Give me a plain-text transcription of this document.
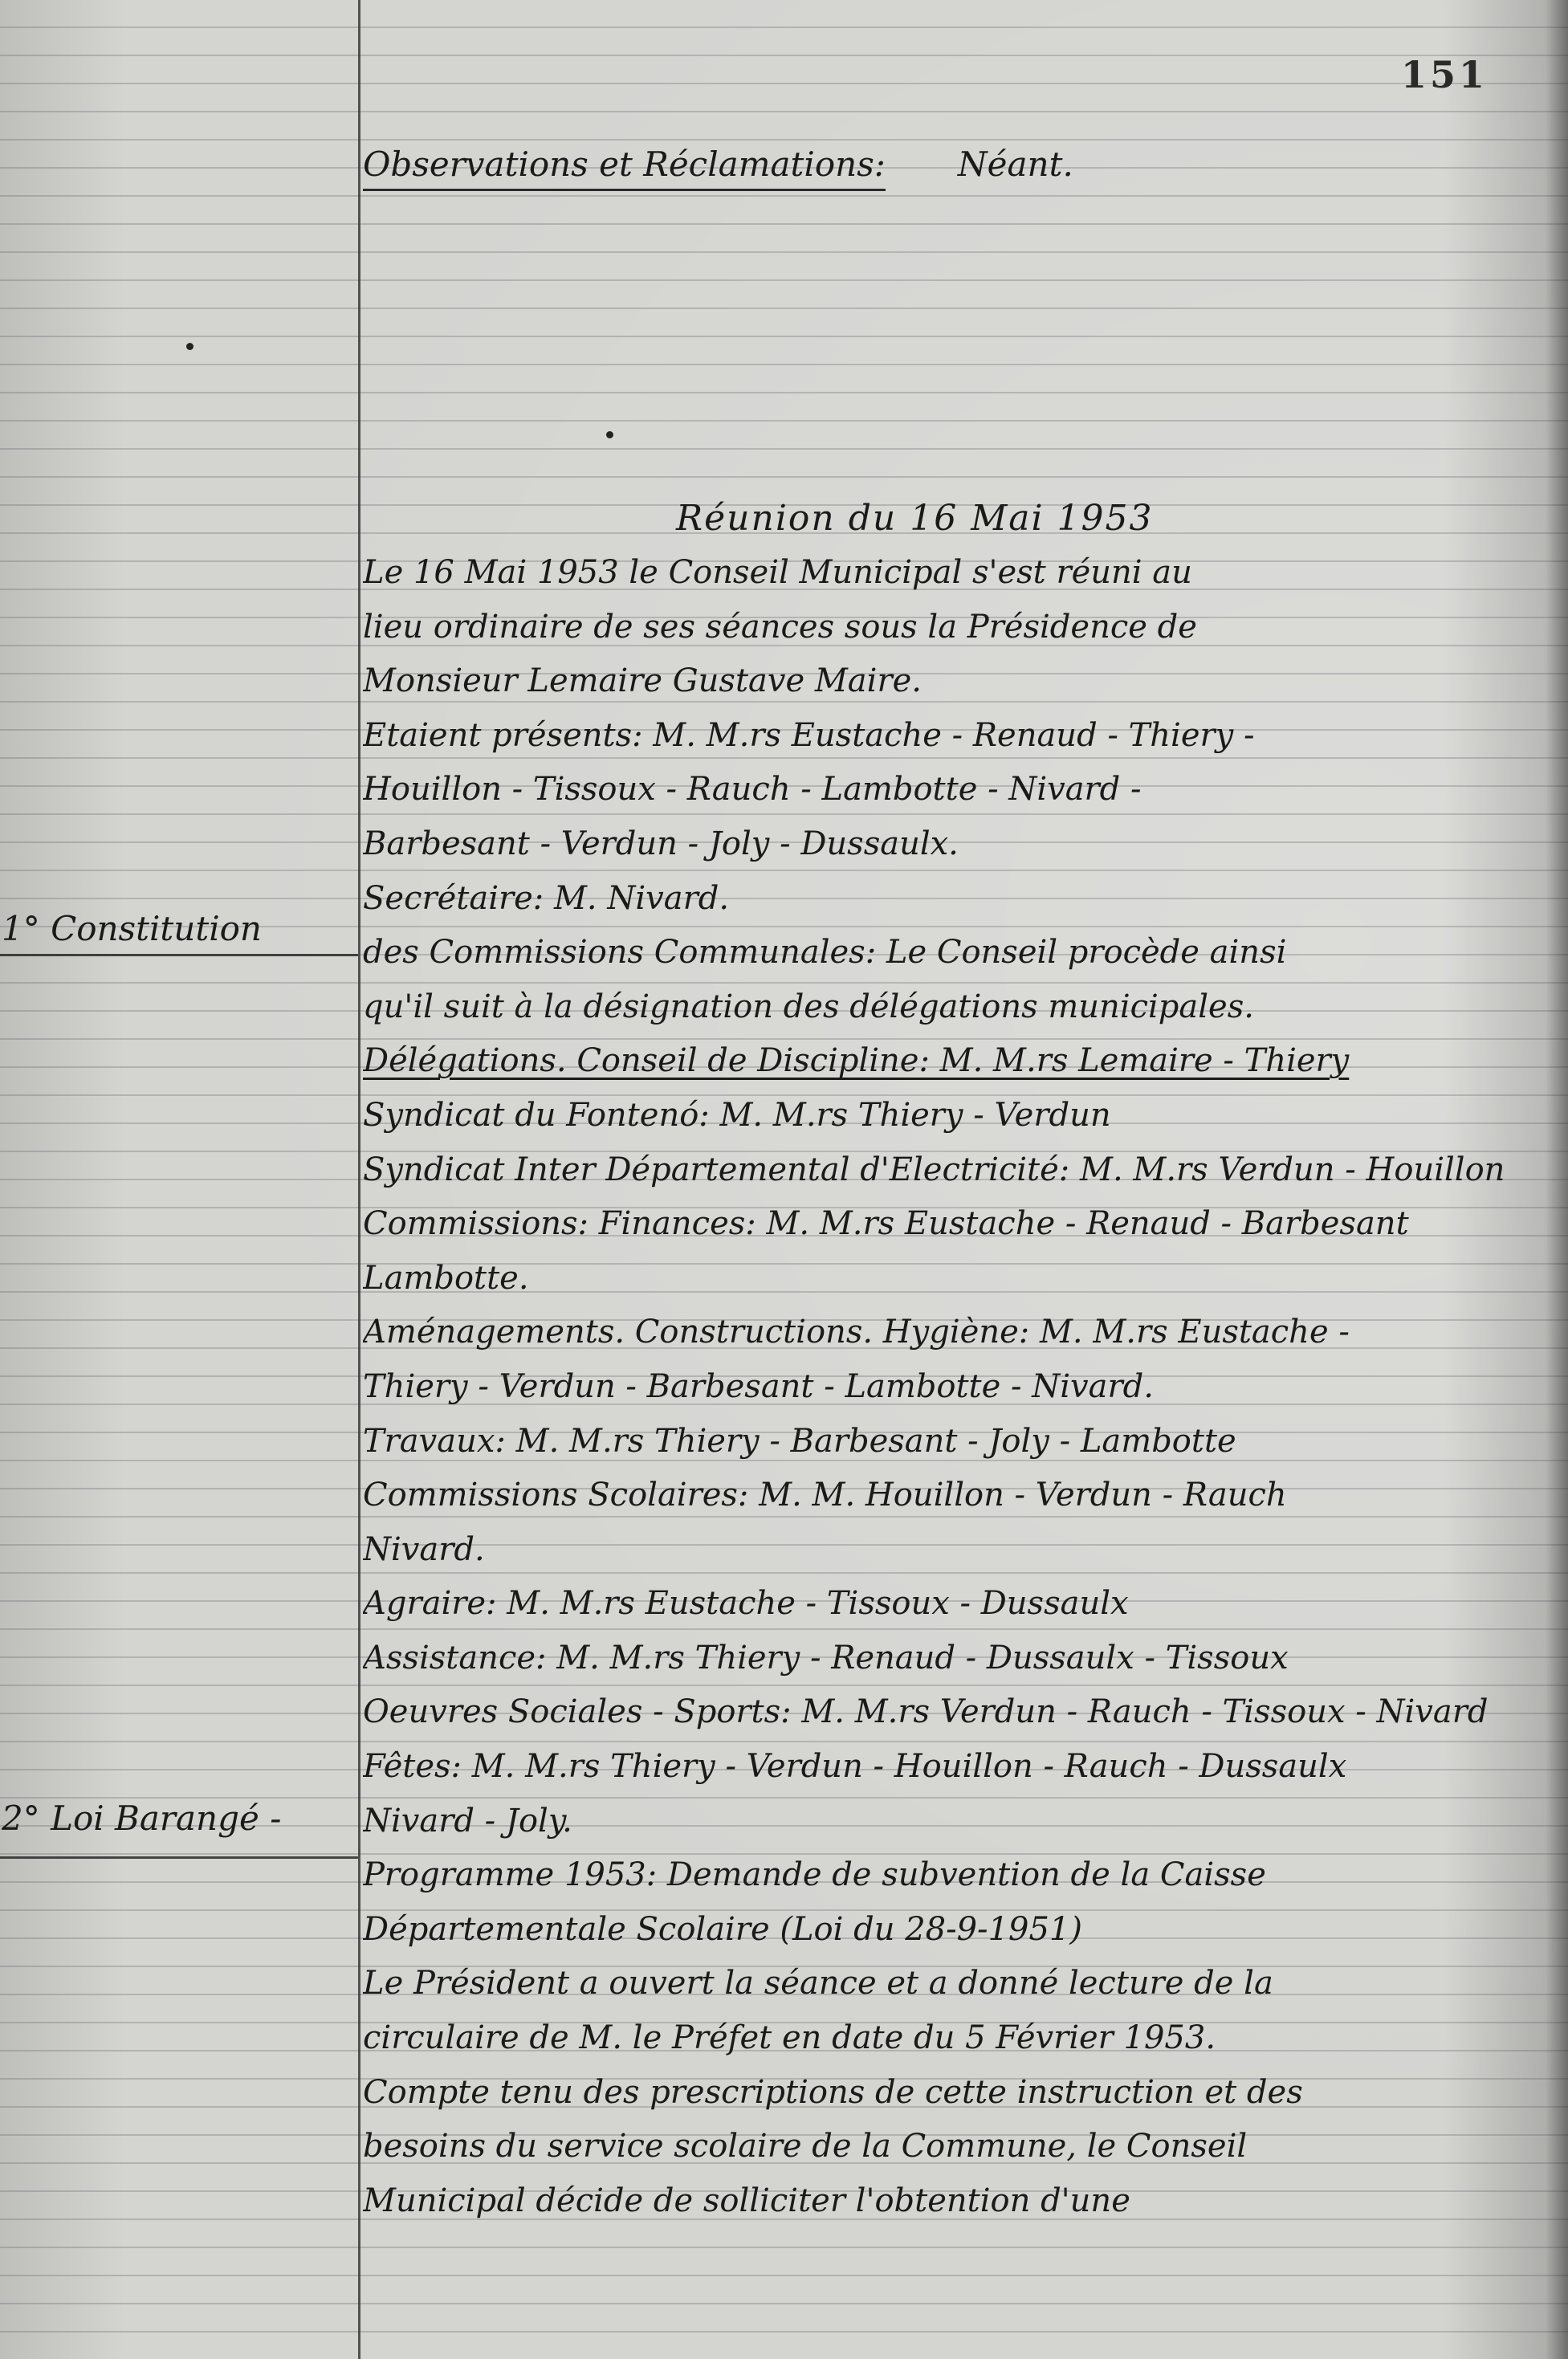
151
Observations et Réclamations: Néant.
Réunion du 16 Mai 1953
1° Constitution
2° Loi Barangé -
Le 16 Mai 1953 le Conseil Municipal s'est réuni au
lieu ordinaire de ses séances sous la Présidence de
Monsieur Lemaire Gustave Maire.
Etaient présents: M. M.rs Eustache - Renaud - Thiery -
Houillon - Tissoux - Rauch - Lambotte - Nivard -
Barbesant - Verdun - Joly - Dussaulx.
Secrétaire: M. Nivard.
des Commissions Communales: Le Conseil procède ainsi
qu'il suit à la désignation des délégations municipales.
Délégations. Conseil de Discipline: M. M.rs Lemaire - Thiery
Syndicat du Fontenó: M. M.rs Thiery - Verdun
Syndicat Inter Départemental d'Electricité: M. M.rs Verdun - Houillon
Commissions: Finances: M. M.rs Eustache - Renaud - Barbesant
Lambotte.
Aménagements. Constructions. Hygiène: M. M.rs Eustache -
Thiery - Verdun - Barbesant - Lambotte - Nivard.
Travaux: M. M.rs Thiery - Barbesant - Joly - Lambotte
Commissions Scolaires: M. M. Houillon - Verdun - Rauch
Nivard.
Agraire: M. M.rs Eustache - Tissoux - Dussaulx
Assistance: M. M.rs Thiery - Renaud - Dussaulx - Tissoux
Oeuvres Sociales - Sports: M. M.rs Verdun - Rauch - Tissoux - Nivard
Fêtes: M. M.rs Thiery - Verdun - Houillon - Rauch - Dussaulx
Nivard - Joly.
Programme 1953: Demande de subvention de la Caisse
Départementale Scolaire (Loi du 28-9-1951)
Le Président a ouvert la séance et a donné lecture de la
circulaire de M. le Préfet en date du 5 Février 1953.
Compte tenu des prescriptions de cette instruction et des
besoins du service scolaire de la Commune, le Conseil
Municipal décide de solliciter l'obtention d'une
